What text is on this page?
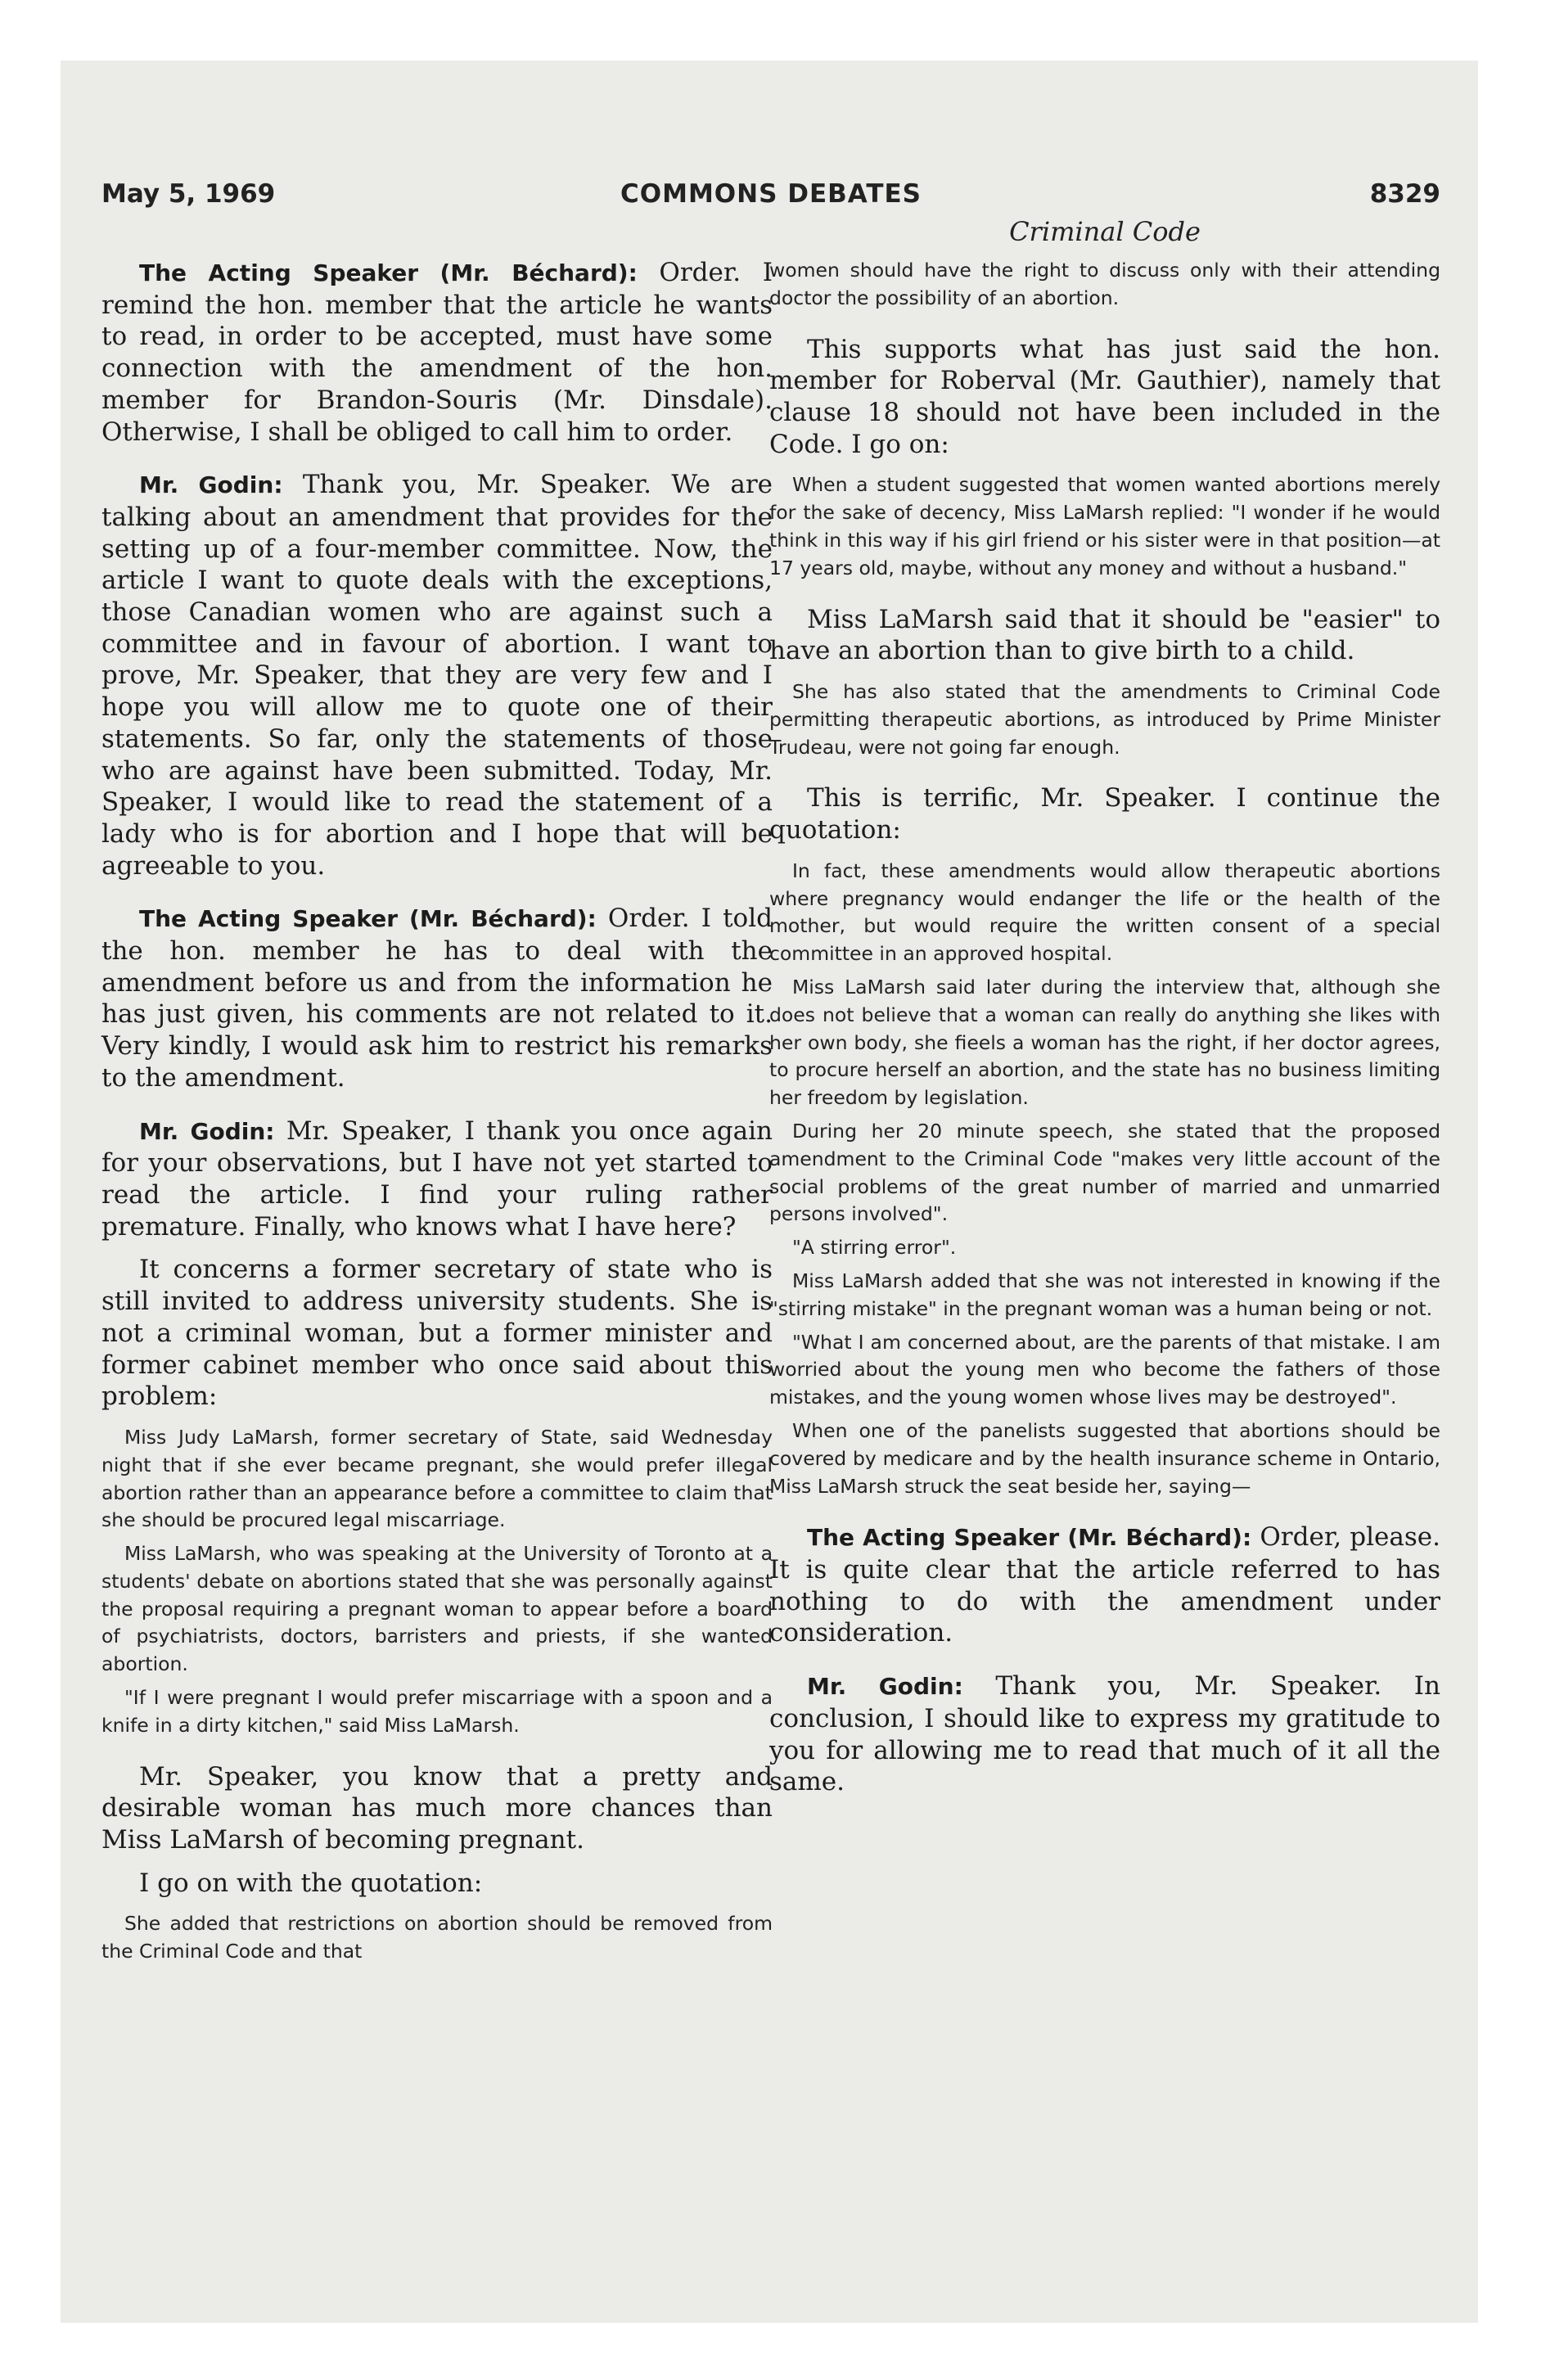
May 5, 1969	COMMONS DEBATES	8329
Criminal Code

The Acting Speaker (Mr. Béchard): Order. I remind the hon. member that the article he wants to read, in order to be accepted, must have some connection with the amendment of the hon. member for Brandon-Souris (Mr. Dinsdale). Otherwise, I shall be obliged to call him to order.

Mr. Godin: Thank you, Mr. Speaker. We are talking about an amendment that provides for the setting up of a four-member committee. Now, the article I want to quote deals with the exceptions, those Canadian women who are against such a committee and in favour of abortion. I want to prove, Mr. Speaker, that they are very few and I hope you will allow me to quote one of their statements. So far, only the statements of those who are against have been submitted. Today, Mr. Speaker, I would like to read the statement of a lady who is for abortion and I hope that will be agreeable to you.

The Acting Speaker (Mr. Béchard): Order. I told the hon. member he has to deal with the amendment before us and from the information he has just given, his comments are not related to it. Very kindly, I would ask him to restrict his remarks to the amendment.

Mr. Godin: Mr. Speaker, I thank you once again for your observations, but I have not yet started to read the article. I find your ruling rather premature. Finally, who knows what I have here?

It concerns a former secretary of state who is still invited to address university students. She is not a criminal woman, but a former minister and former cabinet member who once said about this problem:

Miss Judy LaMarsh, former secretary of State, said Wednesday night that if she ever became pregnant, she would prefer illegal abortion rather than an appearance before a committee to claim that she should be procured legal miscarriage.

Miss LaMarsh, who was speaking at the University of Toronto at a students' debate on abortions stated that she was personally against the proposal requiring a pregnant woman to appear before a board of psychiatrists, doctors, barristers and priests, if she wanted abortion.

"If I were pregnant I would prefer miscarriage with a spoon and a knife in a dirty kitchen," said Miss LaMarsh.

Mr. Speaker, you know that a pretty and desirable woman has much more chances than Miss LaMarsh of becoming pregnant.

I go on with the quotation:

She added that restrictions on abortion should be removed from the Criminal Code and that

women should have the right to discuss only with their attending doctor the possibility of an abortion.

This supports what has just said the hon. member for Roberval (Mr. Gauthier), namely that clause 18 should not have been included in the Code. I go on:

When a student suggested that women wanted abortions merely for the sake of decency, Miss LaMarsh replied: "I wonder if he would think in this way if his girl friend or his sister were in that position—at 17 years old, maybe, without any money and without a husband."

Miss LaMarsh said that it should be "easier" to have an abortion than to give birth to a child.

She has also stated that the amendments to Criminal Code permitting therapeutic abortions, as introduced by Prime Minister Trudeau, were not going far enough.

This is terrific, Mr. Speaker. I continue the quotation:

In fact, these amendments would allow therapeutic abortions where pregnancy would endanger the life or the health of the mother, but would require the written consent of a special committee in an approved hospital.

Miss LaMarsh said later during the interview that, although she does not believe that a woman can really do anything she likes with her own body, she fieels a woman has the right, if her doctor agrees, to procure herself an abortion, and the state has no business limiting her freedom by legislation.

During her 20 minute speech, she stated that the proposed amendment to the Criminal Code "makes very little account of the social problems of the great number of married and unmarried persons involved".

"A stirring error".

Miss LaMarsh added that she was not interested in knowing if the "stirring mistake" in the pregnant woman was a human being or not.

"What I am concerned about, are the parents of that mistake. I am worried about the young men who become the fathers of those mistakes, and the young women whose lives may be destroyed".

When one of the panelists suggested that abortions should be covered by medicare and by the health insurance scheme in Ontario, Miss LaMarsh struck the seat beside her, saying—

The Acting Speaker (Mr. Béchard): Order, please. It is quite clear that the article referred to has nothing to do with the amendment under consideration.

Mr. Godin: Thank you, Mr. Speaker. In conclusion, I should like to express my gratitude to you for allowing me to read that much of it all the same.
